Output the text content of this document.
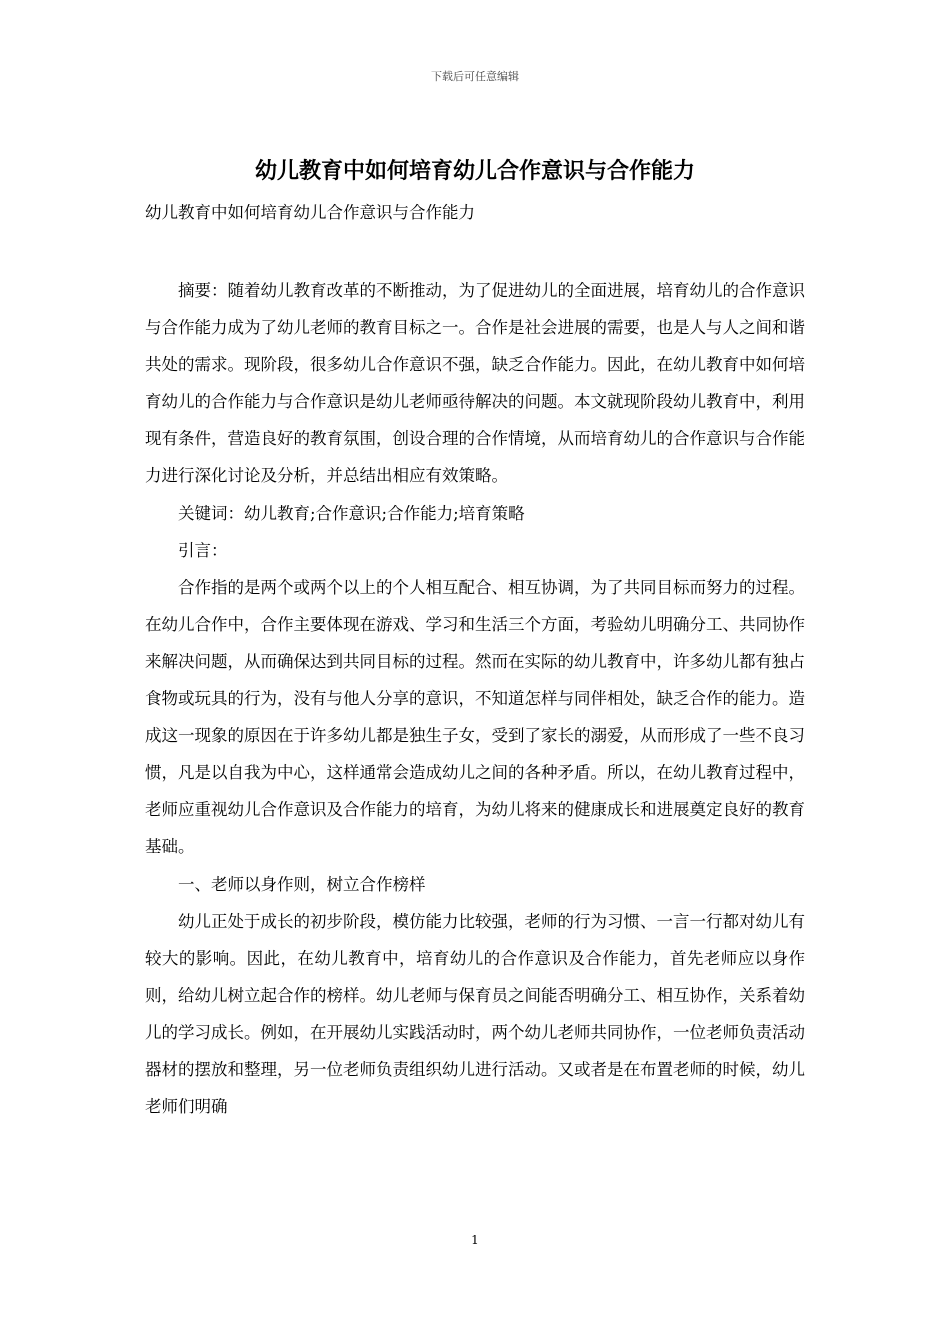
下载后可任意编辑
幼儿教育中如何培育幼儿合作意识与合作能力

幼儿教育中如何培育幼儿合作意识与合作能力

摘要：随着幼儿教育改革的不断推动，为了促进幼儿的全面进展，培育幼儿的合作意识与合作能力成为了幼儿老师的教育目标之一。合作是社会进展的需要，也是人与人之间和谐共处的需求。现阶段，很多幼儿合作意识不强，缺乏合作能力。因此，在幼儿教育中如何培育幼儿的合作能力与合作意识是幼儿老师亟待解决的问题。本文就现阶段幼儿教育中，利用现有条件，营造良好的教育氛围，创设合理的合作情境，从而培育幼儿的合作意识与合作能力进行深化讨论及分析，并总结出相应有效策略。

关键词：幼儿教育;合作意识;合作能力;培育策略

引言：

合作指的是两个或两个以上的个人相互配合、相互协调，为了共同目标而努力的过程。在幼儿合作中，合作主要体现在游戏、学习和生活三个方面，考验幼儿明确分工、共同协作来解决问题，从而确保达到共同目标的过程。然而在实际的幼儿教育中，许多幼儿都有独占食物或玩具的行为，没有与他人分享的意识，不知道怎样与同伴相处，缺乏合作的能力。造成这一现象的原因在于许多幼儿都是独生子女，受到了家长的溺爱，从而形成了一些不良习惯，凡是以自我为中心，这样通常会造成幼儿之间的各种矛盾。所以，在幼儿教育过程中，老师应重视幼儿合作意识及合作能力的培育，为幼儿将来的健康成长和进展奠定良好的教育基础。

一、老师以身作则，树立合作榜样

幼儿正处于成长的初步阶段，模仿能力比较强，老师的行为习惯、一言一行都对幼儿有较大的影响。因此，在幼儿教育中，培育幼儿的合作意识及合作能力，首先老师应以身作则，给幼儿树立起合作的榜样。幼儿老师与保育员之间能否明确分工、相互协作，关系着幼儿的学习成长。例如，在开展幼儿实践活动时，两个幼儿老师共同协作，一位老师负责活动器材的摆放和整理，另一位老师负责组织幼儿进行活动。又或者是在布置老师的时候，幼儿老师们明确

1
